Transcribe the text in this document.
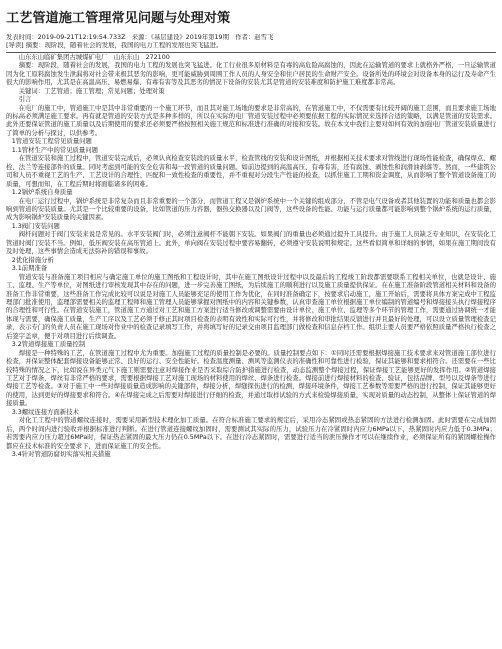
工艺管道施工管理常见问题与处理对策
发表时间：2019-09-21T12:19:54.733Z　来源：《基层建设》2019年第19期　作者：赵雪飞
[导读] 摘要：现阶段，随着社会的发展，我国的电力工程的发展也突飞猛进。

山东东山临矿集团古城煤矿电厂　山东东山　272100

摘要：现阶段，随着社会的发展，我国的电力工程的发展也突飞猛进。化工行业很多原材料是有毒的高危险高腐蚀的，因此在运输管道的要求上就格外严格，一旦运输管道因为化工原料腐蚀发生泄漏将对社会带来极其恶劣的影响，更可能威胁到周围工作人员的人身安全和住户居民的生命财产安全。设备所处的环境会对设备本身的运行及寿命产生很大的影响作用，尤其是在高温高压、易燃易爆、有毒有害等及其恶劣的情况下设备的安装尤其是管道的安装难度和防护施工难度都非常高。

关键词：工艺管道；施工管理；常见问题；处理对策

引言

在电厂的施工中，管道施工中是其中非常重要的一个施工环节，而且其对施工场地的要求是非常高的，在管道施工中，不仅需要有比较开阔的施工范围，而且要求施工场地的标高必须满足施工要求。再有就是管道的安装方式是多种多样的，所以在实际的电厂管道安装过程中必须要依据工程的实际情况来选择合适的策略，以满足管道的安装需求。此外还要保证管道的施工质量以及后期使用的要求还必须要严格按照相关施工规范和标准进行准确的对接和安装。故在本文中我们主要对如何有效的加强电厂管道安装质量进行了简单的分析与探讨，以供参考。

1管道安装工程常见质量问题

1.1管材生产中的常见质量问题

在管道安装和施工过程中，管道安装完成后，必须认真检查安装段的质量水平，检查管线的安装和设计图纸，并根据相关技术要求对管线进行现场性能检查，确保焊点、螺栓、法兰等连接部件的质量。同时考虑到可能的安全危害和每一段管道的质量问题。如前边提到的高温高压、有毒有害，还有腐蚀、剥蚀性和润滑油剥落等。然而，一些建筑公司和人员不重视工艺的生产、工艺设计的合理性、匹配和一致性检查的重要性，并不重视对分段生产性能的检查，以抓住施工工期和资金调度，从而影响了整个管道设备施工的质量，可想而知，在工程后期时将面临诸多的困难。

1.2锅炉系统自身质量

在电厂运行过程中，锅炉系统是非常复杂而且非常重要的一个部分，而管道工程又是锅炉系统中一个关键的组成部分，不管是电气设备或者其他装置的功能和质量也都会影响到管道的安装质量。尤其是一个比较重要的设备，比如管道的压力容器，器热交换器以及门阀等，这些设备的性能、功能与运行质量都可能影响到整个锅炉系统的运行质量，成为影响锅炉安装质量的关键因素。

1.3阀门安装问题

阀杆问题对于阀门安装来说是常见的。水平安装阀门时，必须注意阀杆不能朝下安装。如果阀门的重量也必须通过提升工具提升。由于施工人员缺乏专业知识，在安装化工管道时阀门安装不当。例如，低压阀安装在高压管道上。此外，单向阀在安装过程中要容易翻转，必须遵守安装说明和规定。这些看似简单和详细的事情，如果在施工期间没有及时处理，这些事情会造成无法弥补的错误和事故。

2优化措施分析

3.1前期准备

管道安装与准备施工项目相应与确定施工单位的施工图纸和工程设计时，其中在施工图纸设计过程中以及最后的工程竣工阶段都需要联系工程相关单位，也就是设计、施工、监理、生产等单位，对图纸进行审核发现其中存在的问题，进一步完善施工图纸，为后续施工的顺利进行以及施工质量提供保证。在在施工准备阶段管道相关材料和设备的准备工作非常重要，这些准备工作完成比较可以说是对施工人员能够充足的使用工作为优化，在同时准备确定下，按要求启动施工，施工开始后，需要将具体方案完成中工程监理部门批准使用，监理部需要相关的监理工程师和施工管理人员能够掌握对图纸中的内容和关键参数，认真审查施工单位根据施工单位编制的管道编号和焊接接头执行焊接程序的合理性和可行性。在管道安装施工，管道施工方通过对工艺和施工方案进行适当修改或调整需要由设计单位、施工单位、监理等多个环节的管理工作，需要通过协调统一才能体现与需要，确保施工质量，生产工序以及工艺必须于修正其时项目检查的表明有效性和实际可行性，并将修改和审批结果反馈进行并且最好的处理，可以设立质量管理检查记录，表示专门的负责人员在施工现场对作业中的检查记录填写工作，并将填写好的记录交由项目监理部门做检查和信息存档工作。组织主要人员要严格依照质量严格执行检查之后签字盖章，便于对项目进行后续调查。

3.2管道焊接施工质量控制

焊接是一种特殊的工艺，在管道施工过程中尤为重要。加强施工过程的质量控制是必要的。质量控制要点如下：①同时还需要根据焊接施工技术要求来对管道施工部位进行检查，并保证整体配套焊接设备能够正常、良好的运行、安全性能好。检查温度测量、测风等监测仪表的准确性和可靠性进行检验，保证其能够和要求相符合。还需要在一些比较特殊的情况之下，比如说在异类元气下施工则需要注意对焊接作业是否采取综合防护措施进行检查，动态监测整个焊接过程，保证焊接工艺能够更好的发挥作用。②管道焊接工艺对于焊条、焊丝有非常严格的要求，需要根据焊接工艺对施工现场的材料使用的焊丝、焊条进行检查。焊接前进行焊接材料的检查、验证，包括品牌、型号以及焊条等进行焊接工艺等检查。③对于施工中一些对焊接质量造成影响的关键部件，焊接分析，焊缝探伤进行的检测，焊接环境条件，焊接工艺参数等需要严格的进行控制，保证其能够更好的使用，达到更好的焊接要求和符合。④在焊接完成之后需要对焊接进行仔细的检查，并通过取样试验的方式来检验焊接质量，实现对质量的动态控制，从整体上保证管道的焊接质量。

3.3螺纹连接方面新技术

对化工工程中的管道螺纹连接时，需要采用新型技术理化加工质量。在符合标准施工要求的规定后，采用冷态紧固或热态紧固的方法进行检测加固。此时需要在完成加固后，两个时间内进行验收并根据标准进行判断。在进行管道连接螺纹加固时，需要测试其实际的压力，试验压力在冷紧固时内应力6MPa以下，热紧固时内应力低于0.3MPa；若需要内应力压力超过6MPa时，保证热态紧固的最大压力仍在0.5MPa以下。在进行冷态紧固时，需要进行适当的泄压操作才可以在继续作业，必须保证所有的紧固螺栓操作都应在技术标准的安全要求下，进而保证施工的安全性。

3.4针对管道防腐切实落实相关措施
